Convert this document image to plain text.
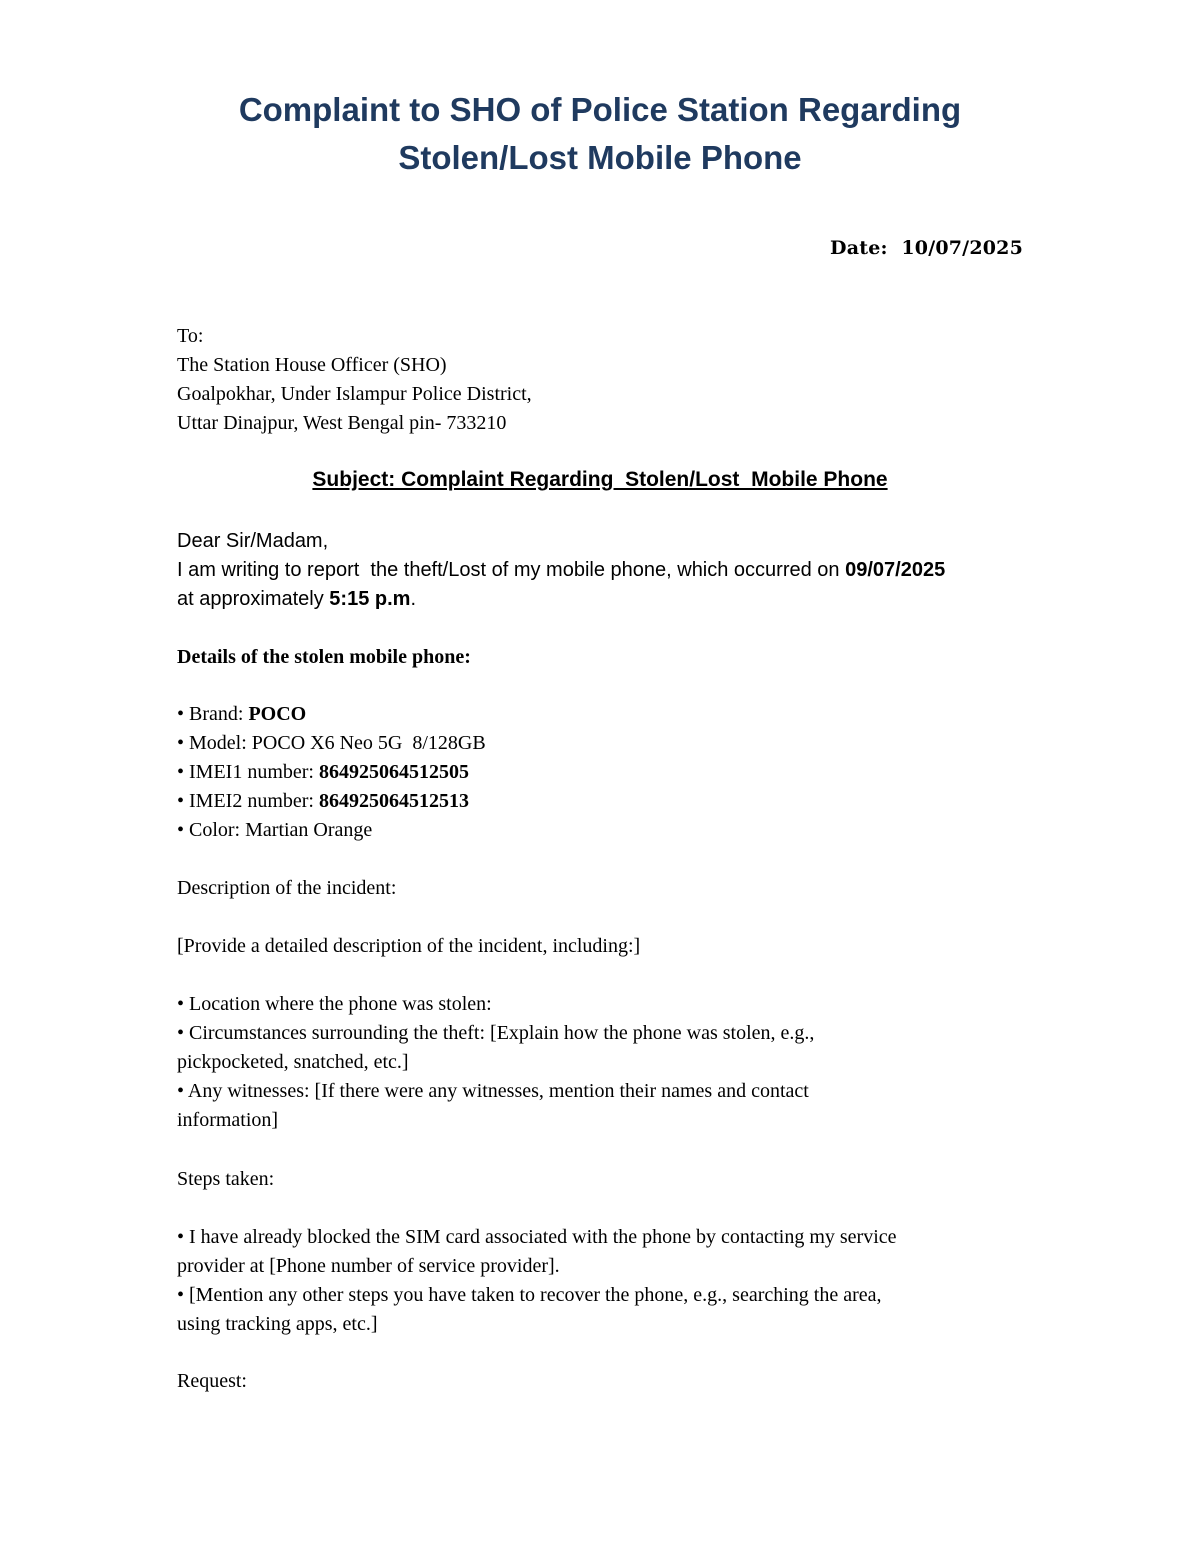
Complaint to SHO of Police Station Regarding
Stolen/Lost Mobile Phone
Date: 10/07/2025
To:
The Station House Officer (SHO)
Goalpokhar, Under Islampur Police District,
Uttar Dinajpur, West Bengal pin- 733210
Subject: Complaint Regarding  Stolen/Lost  Mobile Phone
Dear Sir/Madam,
I am writing to report  the theft/Lost of my mobile phone, which occurred on 09/07/2025
at approximately 5:15 p.m.
Details of the stolen mobile phone:
• Brand: POCO
• Model: POCO X6 Neo 5G  8/128GB
• IMEI1 number: 864925064512505
• IMEI2 number: 864925064512513
• Color: Martian Orange
Description of the incident:
[Provide a detailed description of the incident, including:]
• Location where the phone was stolen:
• Circumstances surrounding the theft: [Explain how the phone was stolen, e.g.,
pickpocketed, snatched, etc.]
• Any witnesses: [If there were any witnesses, mention their names and contact
information]
Steps taken:
• I have already blocked the SIM card associated with the phone by contacting my service
provider at [Phone number of service provider].
• [Mention any other steps you have taken to recover the phone, e.g., searching the area,
using tracking apps, etc.]
Request:
